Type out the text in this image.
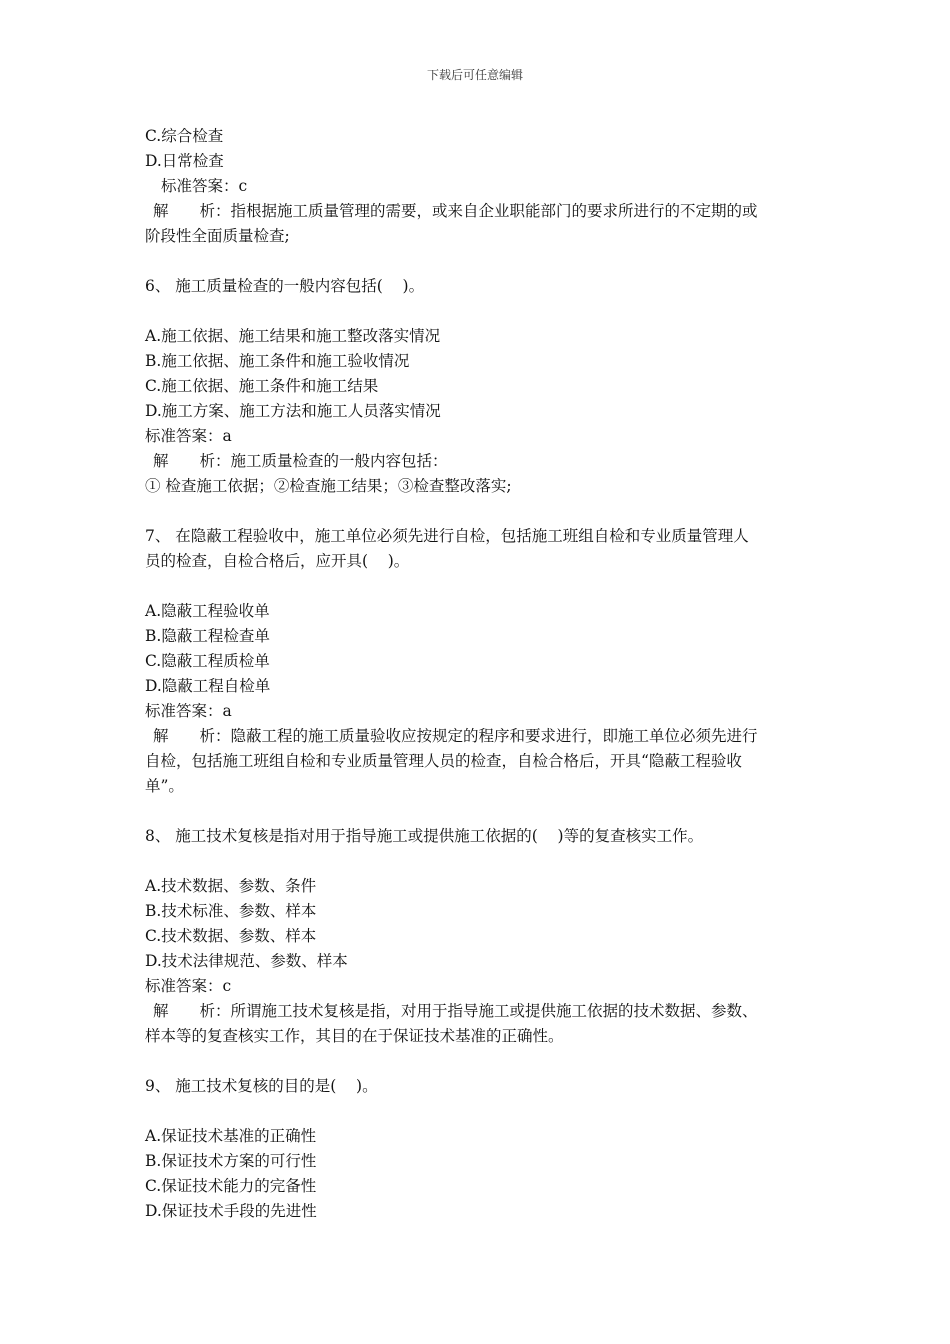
下载后可任意编辑
C.综合检查
D.日常检查
标准答案：c
解　　析：指根据施工质量管理的需要，或来自企业职能部门的要求所进行的不定期的或
阶段性全面质量检查;
6、 施工质量检查的一般内容包括(    )。
A.施工依据、施工结果和施工整改落实情况
B.施工依据、施工条件和施工验收情况
C.施工依据、施工条件和施工结果
D.施工方案、施工方法和施工人员落实情况
标准答案：a
解　　析：施工质量检查的一般内容包括：
① 检查施工依据；②检查施工结果；③检查整改落实;
7、 在隐蔽工程验收中，施工单位必须先进行自检，包括施工班组自检和专业质量管理人
员的检查，自检合格后，应开具(    )。
A.隐蔽工程验收单
B.隐蔽工程检查单
C.隐蔽工程质检单
D.隐蔽工程自检单
标准答案：a
解　　析：隐蔽工程的施工质量验收应按规定的程序和要求进行，即施工单位必须先进行
自检，包括施工班组自检和专业质量管理人员的检查，自检合格后，开具“隐蔽工程验收
单”。
8、 施工技术复核是指对用于指导施工或提供施工依据的(    )等的复查核实工作。
A.技术数据、参数、条件
B.技术标准、参数、样本
C.技术数据、参数、样本
D.技术法律规范、参数、样本
标准答案：c
解　　析：所谓施工技术复核是指，对用于指导施工或提供施工依据的技术数据、参数、
样本等的复查核实工作，其目的在于保证技术基准的正确性。
9、 施工技术复核的目的是(    )。
A.保证技术基准的正确性
B.保证技术方案的可行性
C.保证技术能力的完备性
D.保证技术手段的先进性
